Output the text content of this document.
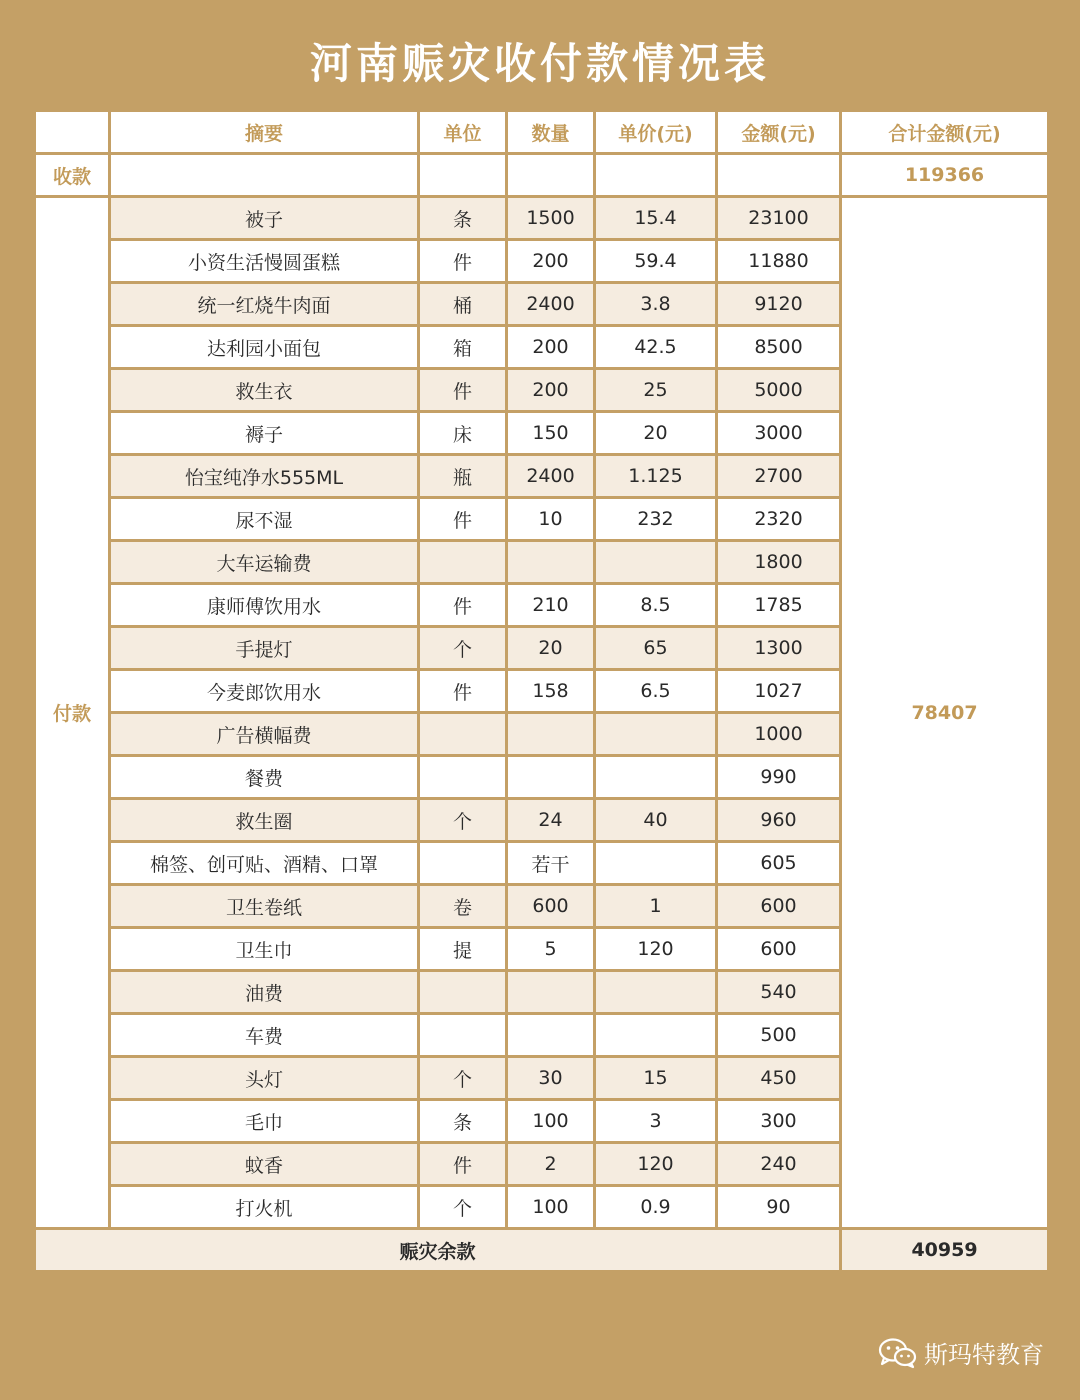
河南赈灾收付款情况表
	摘要	单位	数量	单价(元)	金额(元)	合计金额(元)
收款						119366
付款	被子	条	1500	15.4	23100	78407
	小资生活慢圆蛋糕	件	200	59.4	11880	
	统一红烧牛肉面	桶	2400	3.8	9120	
	达利园小面包	箱	200	42.5	8500	
	救生衣	件	200	25	5000	
	褥子	床	150	20	3000	
	怡宝纯净水555ML	瓶	2400	1.125	2700	
	尿不湿	件	10	232	2320	
	大车运输费				1800	
	康师傅饮用水	件	210	8.5	1785	
	手提灯	个	20	65	1300	
	今麦郎饮用水	件	158	6.5	1027	
	广告横幅费				1000	
	餐费				990	
	救生圈	个	24	40	960	
	棉签、创可贴、酒精、口罩		若干		605	
	卫生卷纸	卷	600	1	600	
	卫生巾	提	5	120	600	
	油费				540	
	车费				500	
	头灯	个	30	15	450	
	毛巾	条	100	3	300	
	蚊香	件	2	120	240	
	打火机	个	100	0.9	90	
赈灾余款						40959
斯玛特教育
